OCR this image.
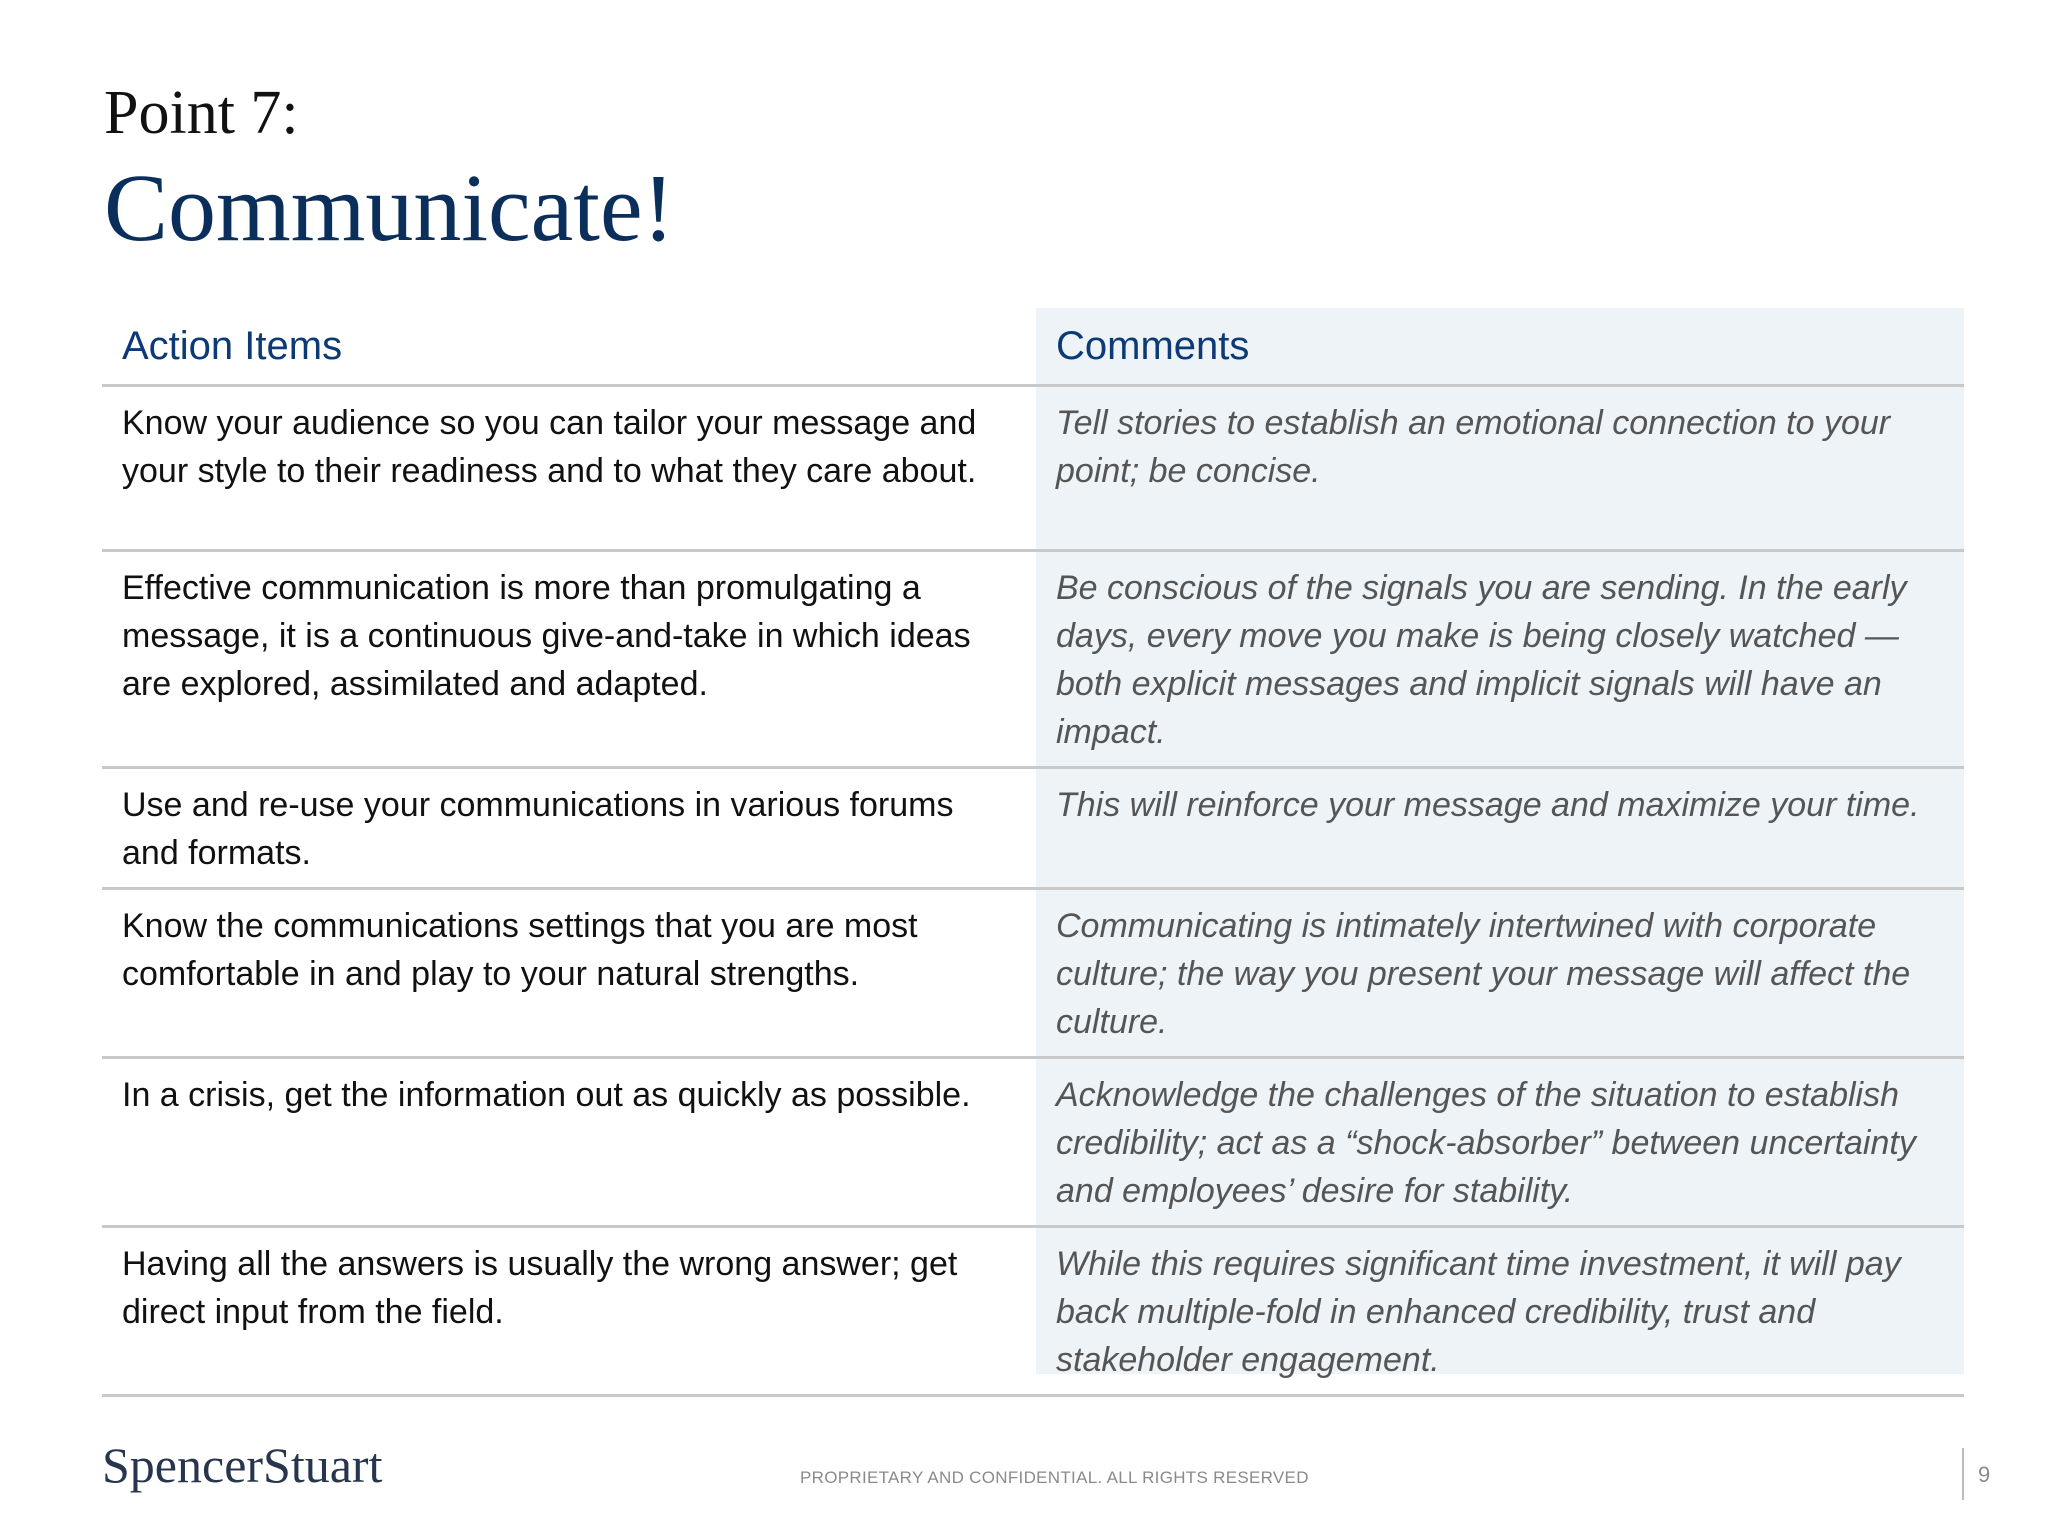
Point 7:
Communicate!
Action Items	Comments
Know your audience so you can tailor your message and your style to their readiness and to what they care about.	Tell stories to establish an emotional connection to your point; be concise.
Effective communication is more than promulgating a message, it is a continuous give-and-take in which ideas are explored, assimilated and adapted.	Be conscious of the signals you are sending. In the early days, every move you make is being closely watched — both explicit messages and implicit signals will have an impact.
Use and re-use your communications in various forums and formats.	This will reinforce your message and maximize your time.
Know the communications settings that you are most comfortable in and play to your natural strengths.	Communicating is intimately intertwined with corporate culture; the way you present your message will affect the culture.
In a crisis, get the information out as quickly as possible.	Acknowledge the challenges of the situation to establish credibility; act as a “shock-absorber” between uncertainty and employees’ desire for stability.
Having all the answers is usually the wrong answer; get direct input from the field.	While this requires significant time investment, it will pay back multiple-fold in enhanced credibility, trust and stakeholder engagement.
SpencerStuart	PROPRIETARY AND CONFIDENTIAL. ALL RIGHTS RESERVED	9
